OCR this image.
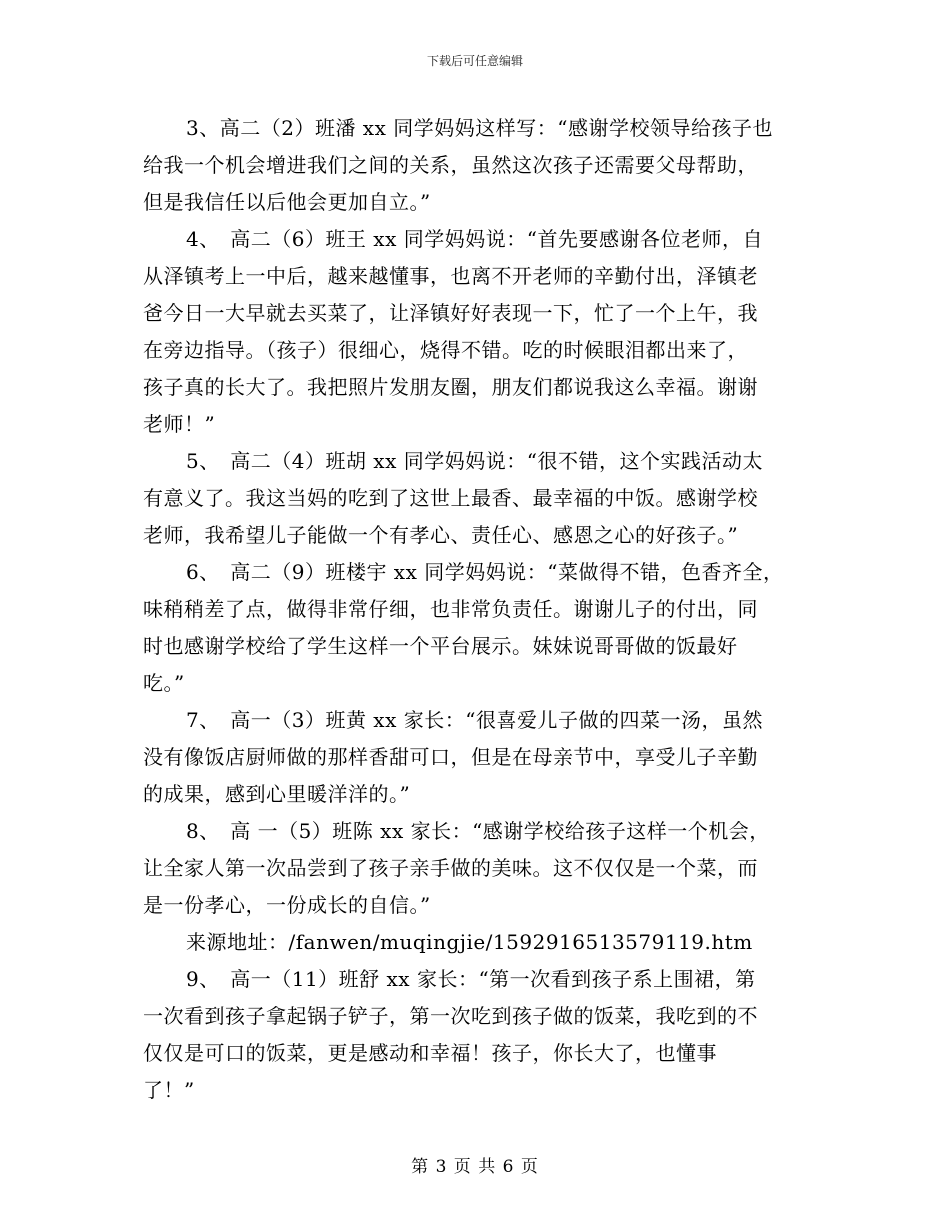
下载后可任意编辑
3、高二（2）班潘 xx 同学妈妈这样写：“感谢学校领导给孩子也
给我一个机会增进我们之间的关系，虽然这次孩子还需要父母帮助，
但是我信任以后他会更加自立。”
4、　高二（6）班王 xx 同学妈妈说：“首先要感谢各位老师，自
从泽镇考上一中后，越来越懂事，也离不开老师的辛勤付出，泽镇老
爸今日一大早就去买菜了，让泽镇好好表现一下，忙了一个上午，我
在旁边指导。（孩子）很细心，烧得不错。吃的时候眼泪都出来了，
孩子真的长大了。我把照片发朋友圈，朋友们都说我这么幸福。谢谢
老师！”
5、　高二（4）班胡 xx 同学妈妈说：“很不错，这个实践活动太
有意义了。我这当妈的吃到了这世上最香、最幸福的中饭。感谢学校
老师，我希望儿子能做一个有孝心、责任心、感恩之心的好孩子。”
6、　高二（9）班楼宇 xx 同学妈妈说：“菜做得不错，色香齐全，
味稍稍差了点，做得非常仔细，也非常负责任。谢谢儿子的付出，同
时也感谢学校给了学生这样一个平台展示。妹妹说哥哥做的饭最好
吃。”
7、　高一（3）班黄 xx 家长：“很喜爱儿子做的四菜一汤，虽然
没有像饭店厨师做的那样香甜可口，但是在母亲节中，享受儿子辛勤
的成果，感到心里暖洋洋的。”
8、　高 一（5）班陈 xx 家长：“感谢学校给孩子这样一个机会，
让全家人第一次品尝到了孩子亲手做的美味。这不仅仅是一个菜，而
是一份孝心，一份成长的自信。”
来源地址：/fanwen/muqingjie/1592916513579119.htm
9、　高一（11）班舒 xx 家长：“第一次看到孩子系上围裙，第
一次看到孩子拿起锅子铲子，第一次吃到孩子做的饭菜，我吃到的不
仅仅是可口的饭菜，更是感动和幸福！孩子，你长大了，也懂事
了！”
第 3 页 共 6 页
